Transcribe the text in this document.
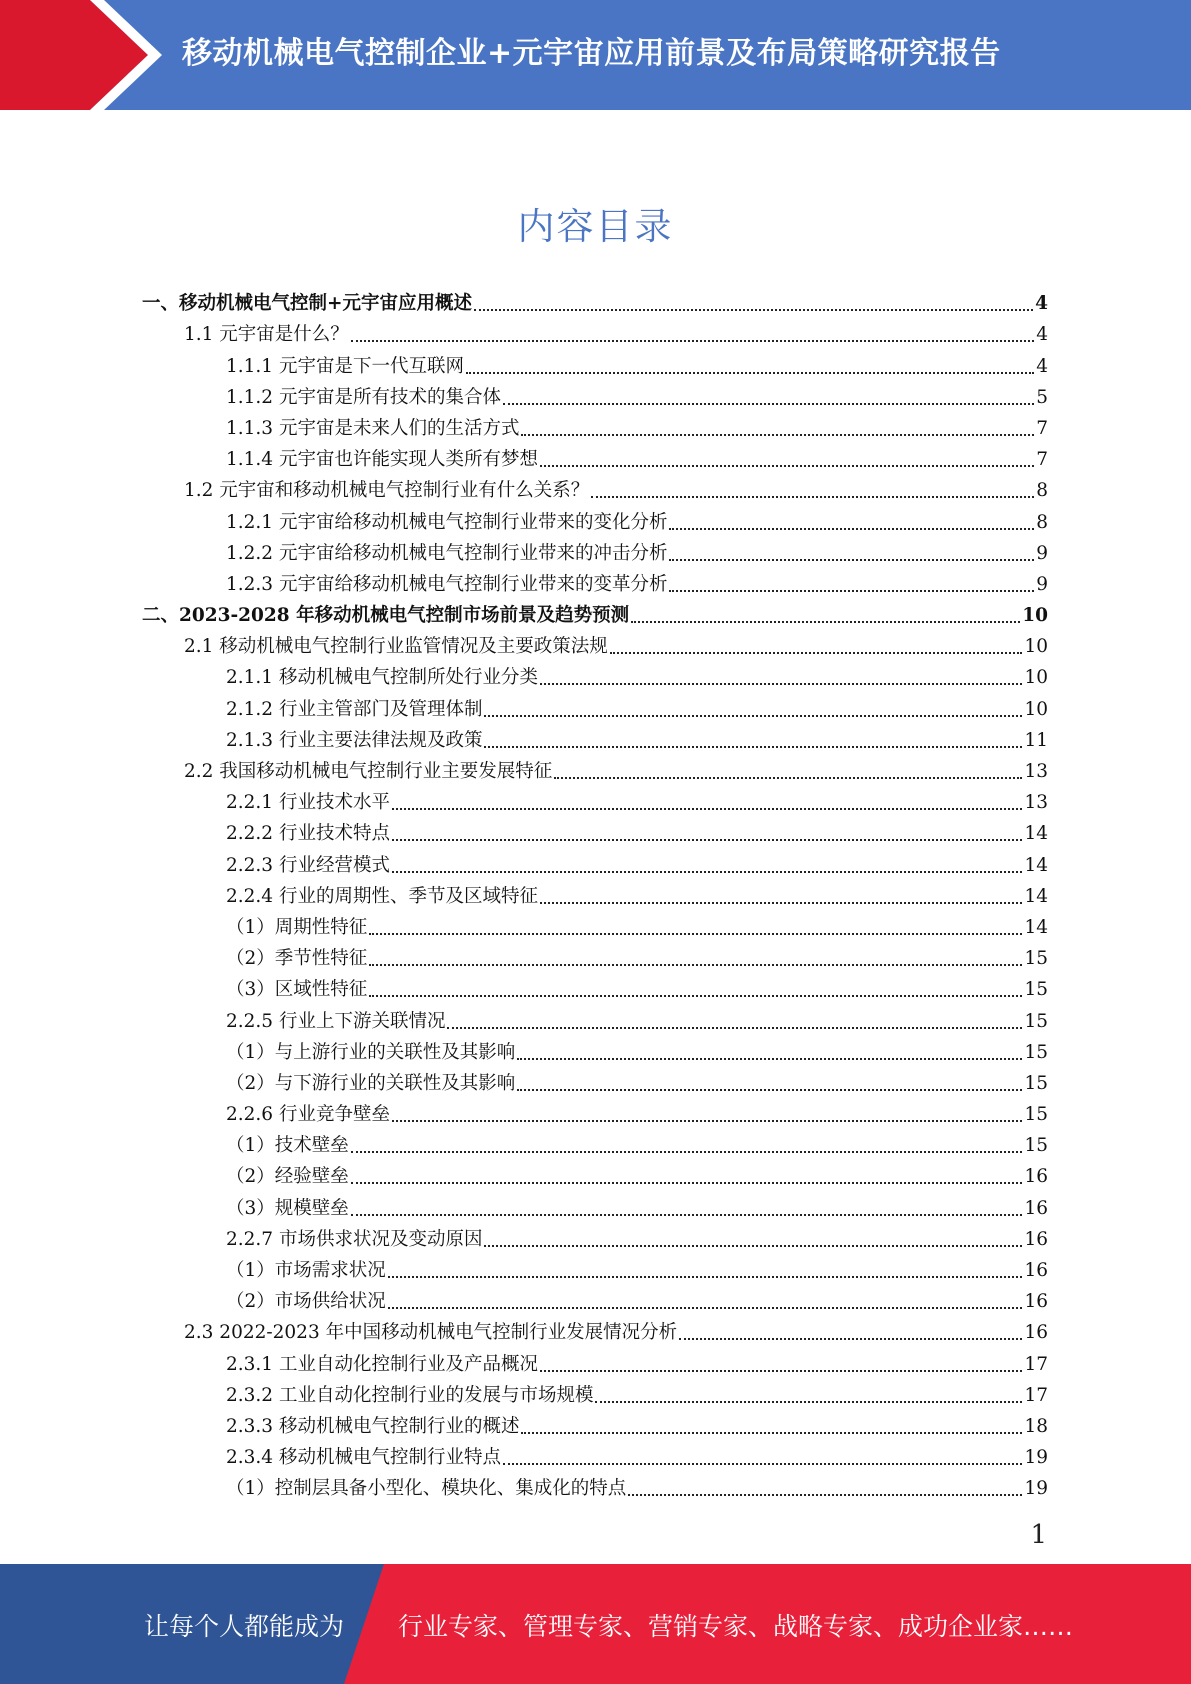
移动机械电气控制企业+元宇宙应用前景及布局策略研究报告
内容目录
一、移动机械电气控制+元宇宙应用概述	4
1.1 元宇宙是什么？	4
1.1.1 元宇宙是下一代互联网	4
1.1.2 元宇宙是所有技术的集合体	5
1.1.3 元宇宙是未来人们的生活方式	7
1.1.4 元宇宙也许能实现人类所有梦想	7
1.2 元宇宙和移动机械电气控制行业有什么关系？	8
1.2.1 元宇宙给移动机械电气控制行业带来的变化分析	8
1.2.2 元宇宙给移动机械电气控制行业带来的冲击分析	9
1.2.3 元宇宙给移动机械电气控制行业带来的变革分析	9
二、2023-2028 年移动机械电气控制市场前景及趋势预测	10
2.1 移动机械电气控制行业监管情况及主要政策法规	10
2.1.1 移动机械电气控制所处行业分类	10
2.1.2 行业主管部门及管理体制	10
2.1.3 行业主要法律法规及政策	11
2.2 我国移动机械电气控制行业主要发展特征	13
2.2.1 行业技术水平	13
2.2.2 行业技术特点	14
2.2.3 行业经营模式	14
2.2.4 行业的周期性、季节及区域特征	14
（1）周期性特征	14
（2）季节性特征	15
（3）区域性特征	15
2.2.5 行业上下游关联情况	15
（1）与上游行业的关联性及其影响	15
（2）与下游行业的关联性及其影响	15
2.2.6 行业竞争壁垒	15
（1）技术壁垒	15
（2）经验壁垒	16
（3）规模壁垒	16
2.2.7 市场供求状况及变动原因	16
（1）市场需求状况	16
（2）市场供给状况	16
2.3 2022-2023 年中国移动机械电气控制行业发展情况分析	16
2.3.1 工业自动化控制行业及产品概况	17
2.3.2 工业自动化控制行业的发展与市场规模	17
2.3.3 移动机械电气控制行业的概述	18
2.3.4 移动机械电气控制行业特点	19
（1）控制层具备小型化、模块化、集成化的特点	19
1
让每个人都能成为 行业专家、管理专家、营销专家、战略专家、成功企业家……
